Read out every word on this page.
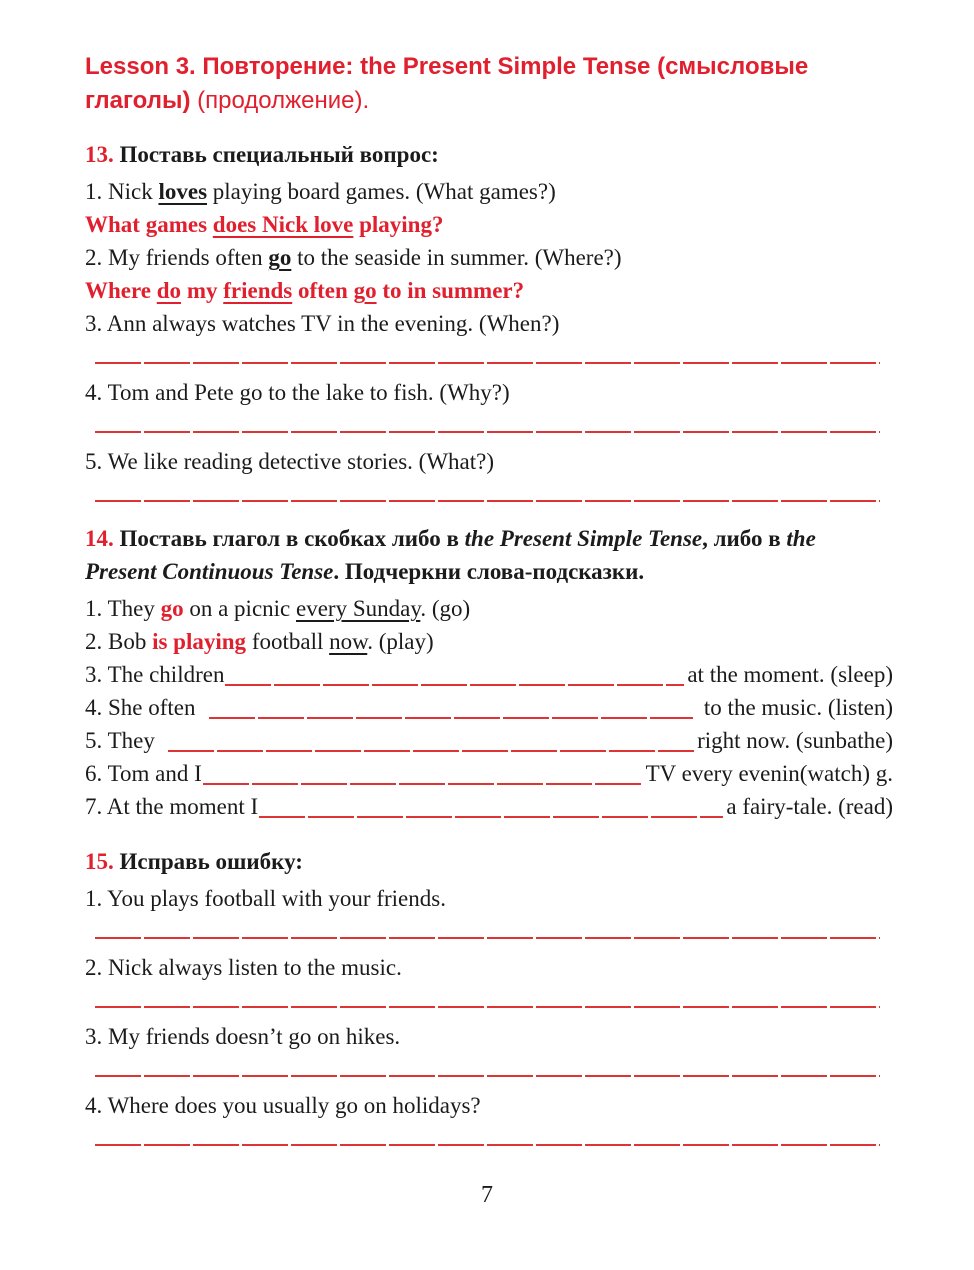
Lesson 3. Повторение: the Present Simple Tense (смысловые глаголы) (продолжение).
13. Поставь специальный вопрос:
1. Nick loves playing board games. (What games?)
What games does Nick love playing?
2. My friends often go to the seaside in summer. (Where?)
Where do my friends often go to in summer?
3. Ann always watches TV in the evening. (When?)
4. Tom and Pete go to the lake to fish. (Why?)
5. We like reading detective stories. (What?)
14. Поставь глагол в скобках либо в the Present Simple Tense, либо в the Present Continuous Tense. Подчеркни слова-подсказки.
1. They go on a picnic every Sunday. (go)
2. Bob is playing football now. (play)
3. The children	at the moment. (sleep)
4. She often	to the music. (listen)
5. They	right now. (sunbathe)
6. Tom and I	TV every evenin(watch) g.
7. At the moment I	a fairy-tale. (read)
15. Исправь ошибку:
1. You plays football with your friends.
2. Nick always listen to the music.
3. My friends doesn’t go on hikes.
4. Where does you usually go on holidays?
7
